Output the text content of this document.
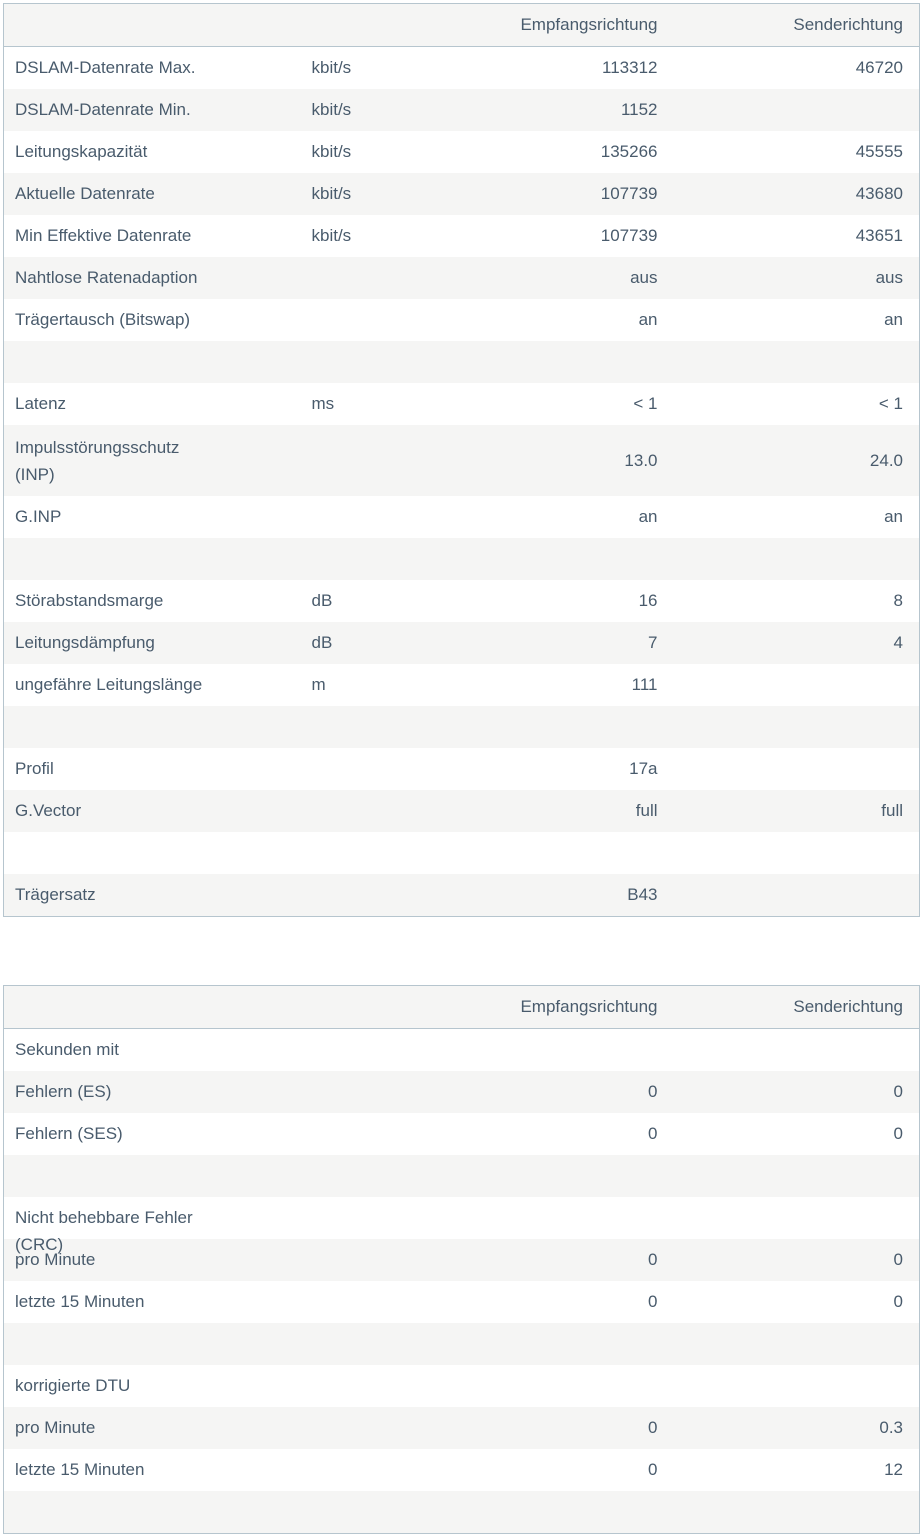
		Empfangsrichtung	Senderichtung
DSLAM-Datenrate Max.	kbit/s	113312	46720
DSLAM-Datenrate Min.	kbit/s	1152	
Leitungskapazität	kbit/s	135266	45555
Aktuelle Datenrate	kbit/s	107739	43680
Min Effektive Datenrate	kbit/s	107739	43651
Nahtlose Ratenadaption		aus	aus
Trägertausch (Bitswap)		an	an

Latenz	ms	< 1	< 1

Impulsstörungsschutz
(INP)		13.0	24.0
G.INP		an	an

Störabstandsmarge	dB	16	8
Leitungsdämpfung	dB	7	4
ungefähre Leitungslänge	m	111	

Profil		17a	
G.Vector		full	full

Trägersatz		B43	
		Empfangsrichtung	Senderichtung
Sekunden mit			
Fehlern (ES)		0	0
Fehlern (SES)		0	0

Nicht behebbare Fehler
(CRC)			

pro Minute		0	0
letzte 15 Minuten		0	0

korrigierte DTU			
pro Minute		0	0.3
letzte 15 Minuten		0	12
